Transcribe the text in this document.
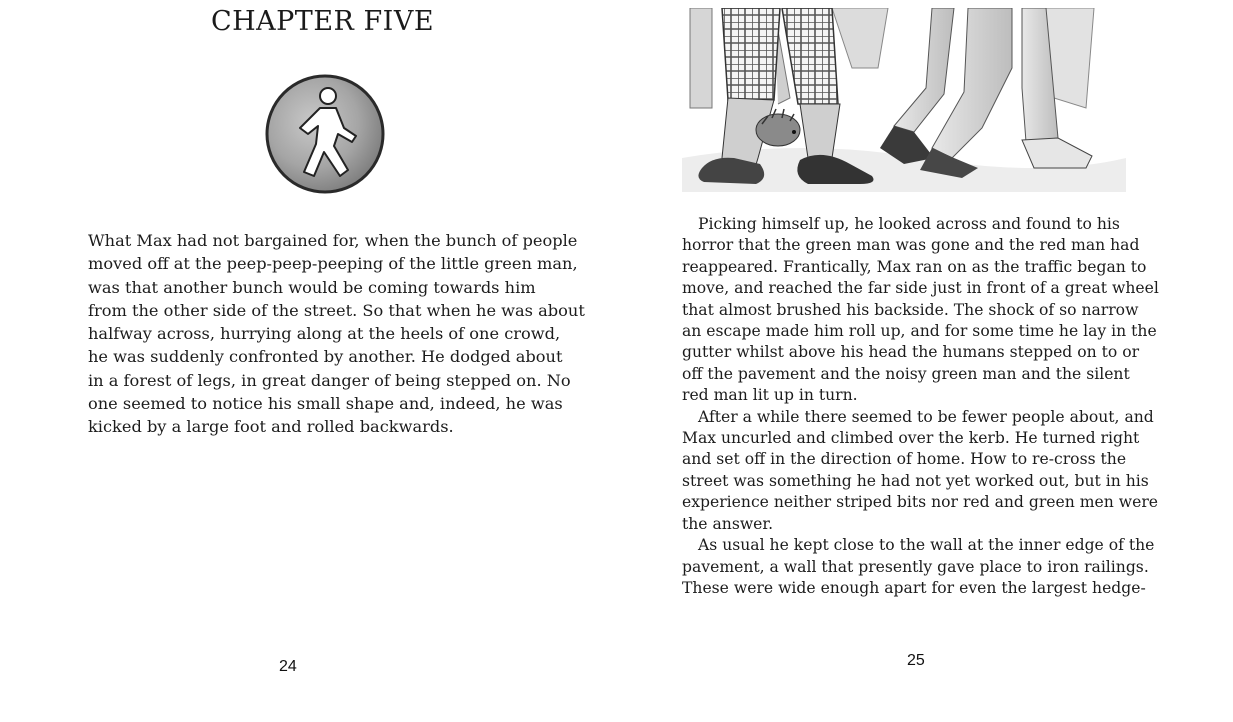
CHAPTER FIVE
What Max had not bargained for, when the bunch of people
moved off at the peep-peep-peeping of the little green man,
was that another bunch would be coming towards him
from the other side of the street. So that when he was about
halfway across, hurrying along at the heels of one crowd,
he was suddenly confronted by another. He dodged about
in a forest of legs, in great danger of being stepped on. No
one seemed to notice his small shape and, indeed, he was
kicked by a large foot and rolled backwards.
24
Picking himself up, he looked across and found to his
horror that the green man was gone and the red man had
reappeared. Frantically, Max ran on as the traffic began to
move, and reached the far side just in front of a great wheel
that almost brushed his backside. The shock of so narrow
an escape made him roll up, and for some time he lay in the
gutter whilst above his head the humans stepped on to or
off the pavement and the noisy green man and the silent
red man lit up in turn.
After a while there seemed to be fewer people about, and
Max uncurled and climbed over the kerb. He turned right
and set off in the direction of home. How to re-cross the
street was something he had not yet worked out, but in his
experience neither striped bits nor red and green men were
the answer.
As usual he kept close to the wall at the inner edge of the
pavement, a wall that presently gave place to iron railings.
These were wide enough apart for even the largest hedge-
25
